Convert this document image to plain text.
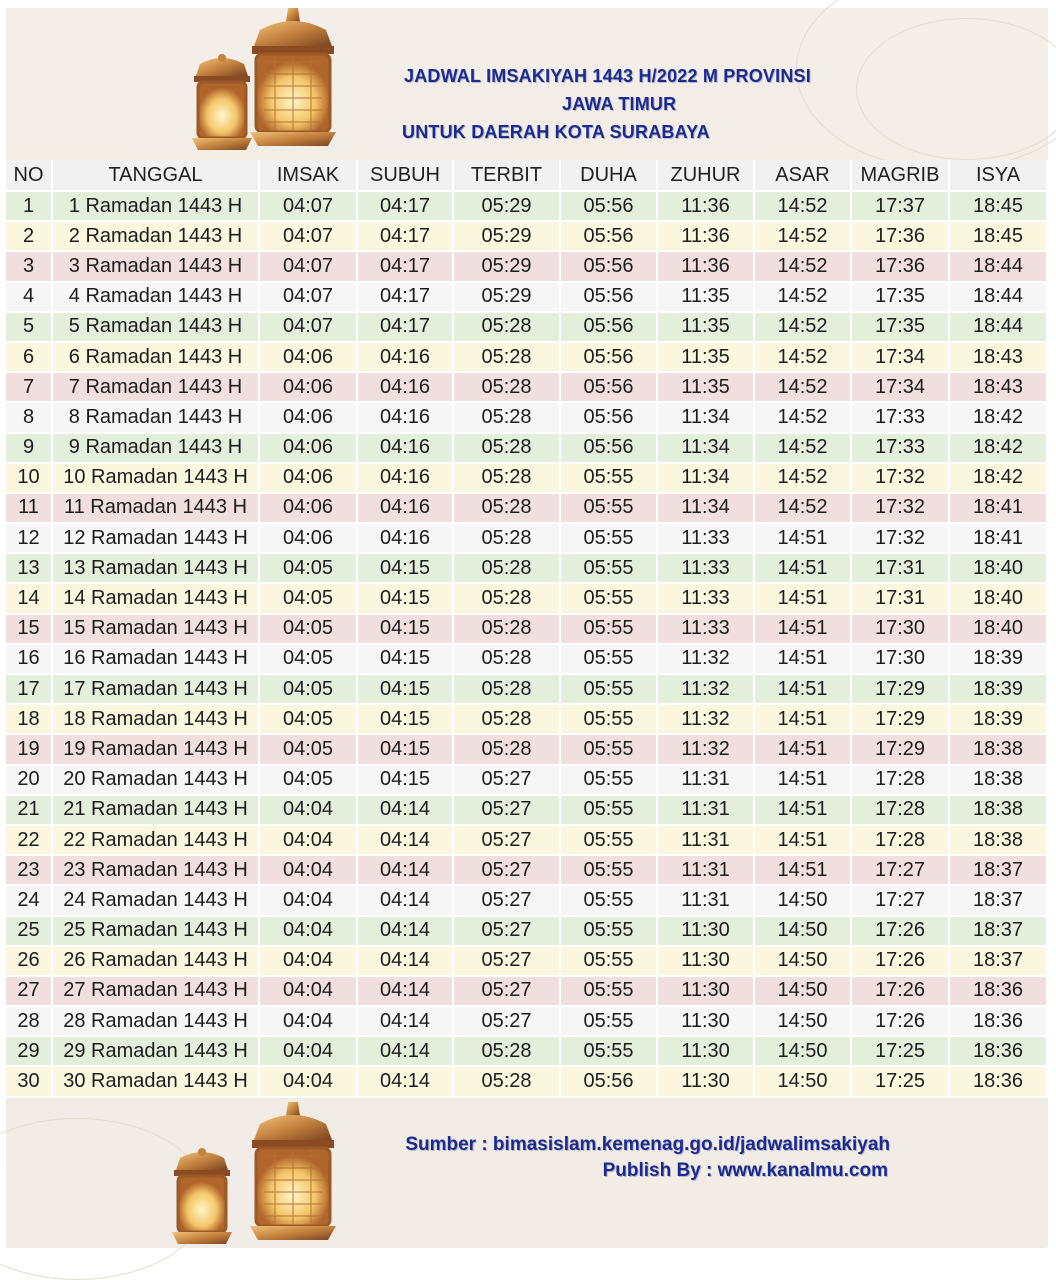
JADWAL IMSAKIYAH 1443 H/2022 M PROVINSI
JAWA TIMUR
UNTUK DAERAH KOTA SURABAYA
NO	TANGGAL	IMSAK	SUBUH	TERBIT	DUHA	ZUHUR	ASAR	MAGRIB	ISYA
1	1 Ramadan 1443 H	04:07	04:17	05:29	05:56	11:36	14:52	17:37	18:45
2	2 Ramadan 1443 H	04:07	04:17	05:29	05:56	11:36	14:52	17:36	18:45
3	3 Ramadan 1443 H	04:07	04:17	05:29	05:56	11:36	14:52	17:36	18:44
4	4 Ramadan 1443 H	04:07	04:17	05:29	05:56	11:35	14:52	17:35	18:44
5	5 Ramadan 1443 H	04:07	04:17	05:28	05:56	11:35	14:52	17:35	18:44
6	6 Ramadan 1443 H	04:06	04:16	05:28	05:56	11:35	14:52	17:34	18:43
7	7 Ramadan 1443 H	04:06	04:16	05:28	05:56	11:35	14:52	17:34	18:43
8	8 Ramadan 1443 H	04:06	04:16	05:28	05:56	11:34	14:52	17:33	18:42
9	9 Ramadan 1443 H	04:06	04:16	05:28	05:56	11:34	14:52	17:33	18:42
10	10 Ramadan 1443 H	04:06	04:16	05:28	05:55	11:34	14:52	17:32	18:42
11	11 Ramadan 1443 H	04:06	04:16	05:28	05:55	11:34	14:52	17:32	18:41
12	12 Ramadan 1443 H	04:06	04:16	05:28	05:55	11:33	14:51	17:32	18:41
13	13 Ramadan 1443 H	04:05	04:15	05:28	05:55	11:33	14:51	17:31	18:40
14	14 Ramadan 1443 H	04:05	04:15	05:28	05:55	11:33	14:51	17:31	18:40
15	15 Ramadan 1443 H	04:05	04:15	05:28	05:55	11:33	14:51	17:30	18:40
16	16 Ramadan 1443 H	04:05	04:15	05:28	05:55	11:32	14:51	17:30	18:39
17	17 Ramadan 1443 H	04:05	04:15	05:28	05:55	11:32	14:51	17:29	18:39
18	18 Ramadan 1443 H	04:05	04:15	05:28	05:55	11:32	14:51	17:29	18:39
19	19 Ramadan 1443 H	04:05	04:15	05:28	05:55	11:32	14:51	17:29	18:38
20	20 Ramadan 1443 H	04:05	04:15	05:27	05:55	11:31	14:51	17:28	18:38
21	21 Ramadan 1443 H	04:04	04:14	05:27	05:55	11:31	14:51	17:28	18:38
22	22 Ramadan 1443 H	04:04	04:14	05:27	05:55	11:31	14:51	17:28	18:38
23	23 Ramadan 1443 H	04:04	04:14	05:27	05:55	11:31	14:51	17:27	18:37
24	24 Ramadan 1443 H	04:04	04:14	05:27	05:55	11:31	14:50	17:27	18:37
25	25 Ramadan 1443 H	04:04	04:14	05:27	05:55	11:30	14:50	17:26	18:37
26	26 Ramadan 1443 H	04:04	04:14	05:27	05:55	11:30	14:50	17:26	18:37
27	27 Ramadan 1443 H	04:04	04:14	05:27	05:55	11:30	14:50	17:26	18:36
28	28 Ramadan 1443 H	04:04	04:14	05:27	05:55	11:30	14:50	17:26	18:36
29	29 Ramadan 1443 H	04:04	04:14	05:28	05:55	11:30	14:50	17:25	18:36
30	30 Ramadan 1443 H	04:04	04:14	05:28	05:56	11:30	14:50	17:25	18:36
Sumber : bimasislam.kemenag.go.id/jadwalimsakiyah
Publish By : www.kanalmu.com
